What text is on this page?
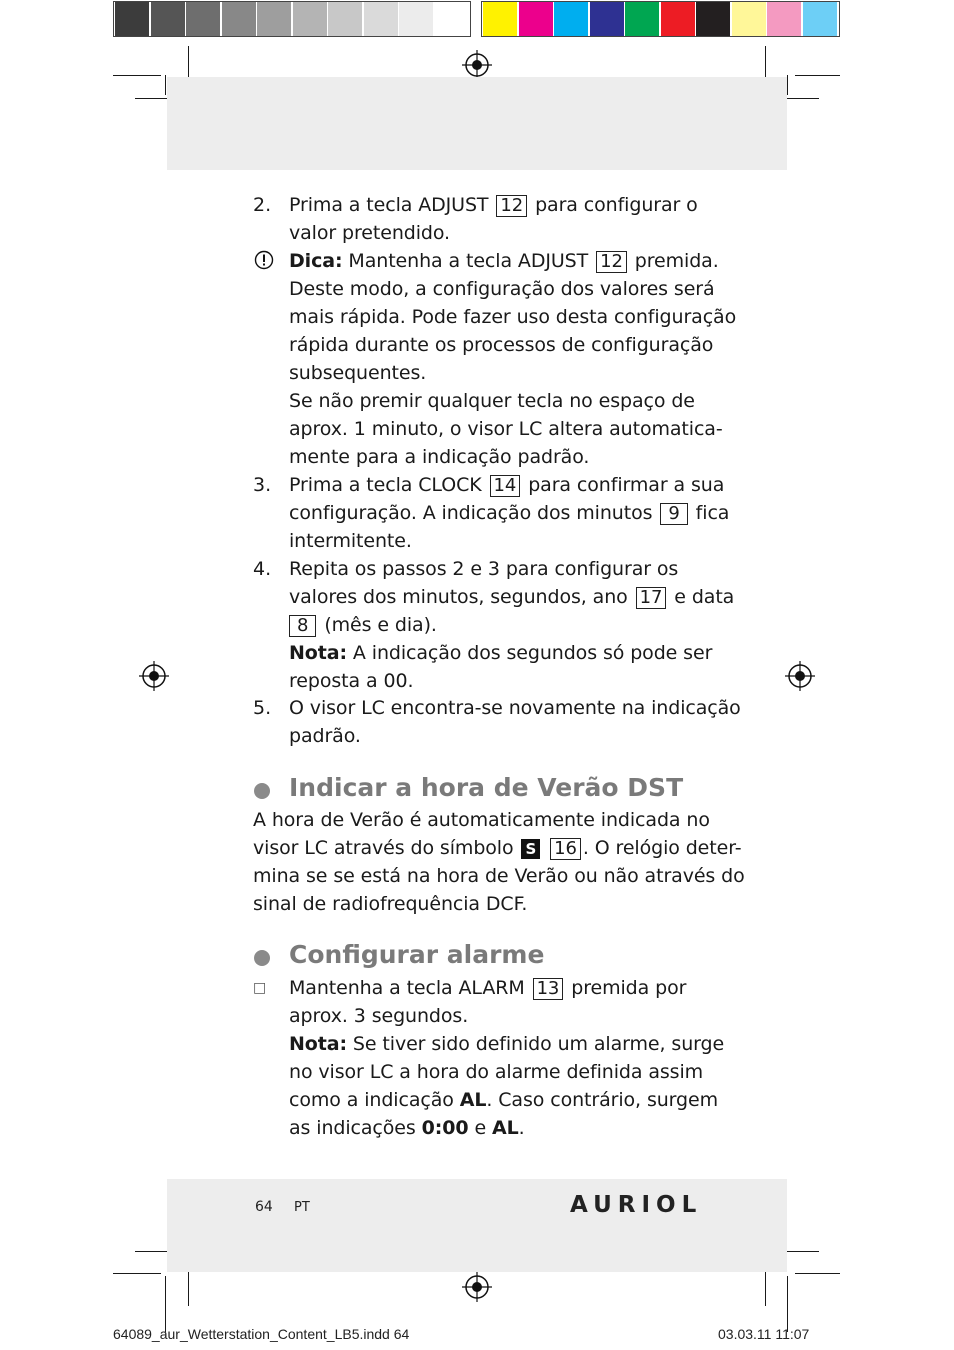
2. Prima a tecla ADJUST 12 para configurar o
valor pretendido.
Dica: Mantenha a tecla ADJUST 12 premida.
Deste modo, a configuração dos valores será
mais rápida. Pode fazer uso desta configuração
rápida durante os processos de configuração
subsequentes.
Se não premir qualquer tecla no espaço de
aprox. 1 minuto, o visor LC altera automatica-
mente para a indicação padrão.
3. Prima a tecla CLOCK 14 para confirmar a sua
configuração. A indicação dos minutos 9 fica
intermitente.
4. Repita os passos 2 e 3 para configurar os
valores dos minutos, segundos, ano 17 e data
8 (mês e dia).
Nota: A indicação dos segundos só pode ser
reposta a 00.
5. O visor LC encontra-se novamente na indicação
padrão.
Indicar a hora de Verão DST
A hora de Verão é automaticamente indicada no
visor LC através do símbolo S 16 . O relógio deter-
mina se se está na hora de Verão ou não através do
sinal de radiofrequência DCF.
Configurar alarme
□ Mantenha a tecla ALARM 13 premida por
aprox. 3 segundos.
Nota: Se tiver sido definido um alarme, surge
no visor LC a hora do alarme definida assim
como a indicação AL. Caso contrário, surgem
as indicações 0:00 e AL.
64 PT	AURIOL
64089_aur_Wetterstation_Content_LB5.indd 64	03.03.11 11:07
